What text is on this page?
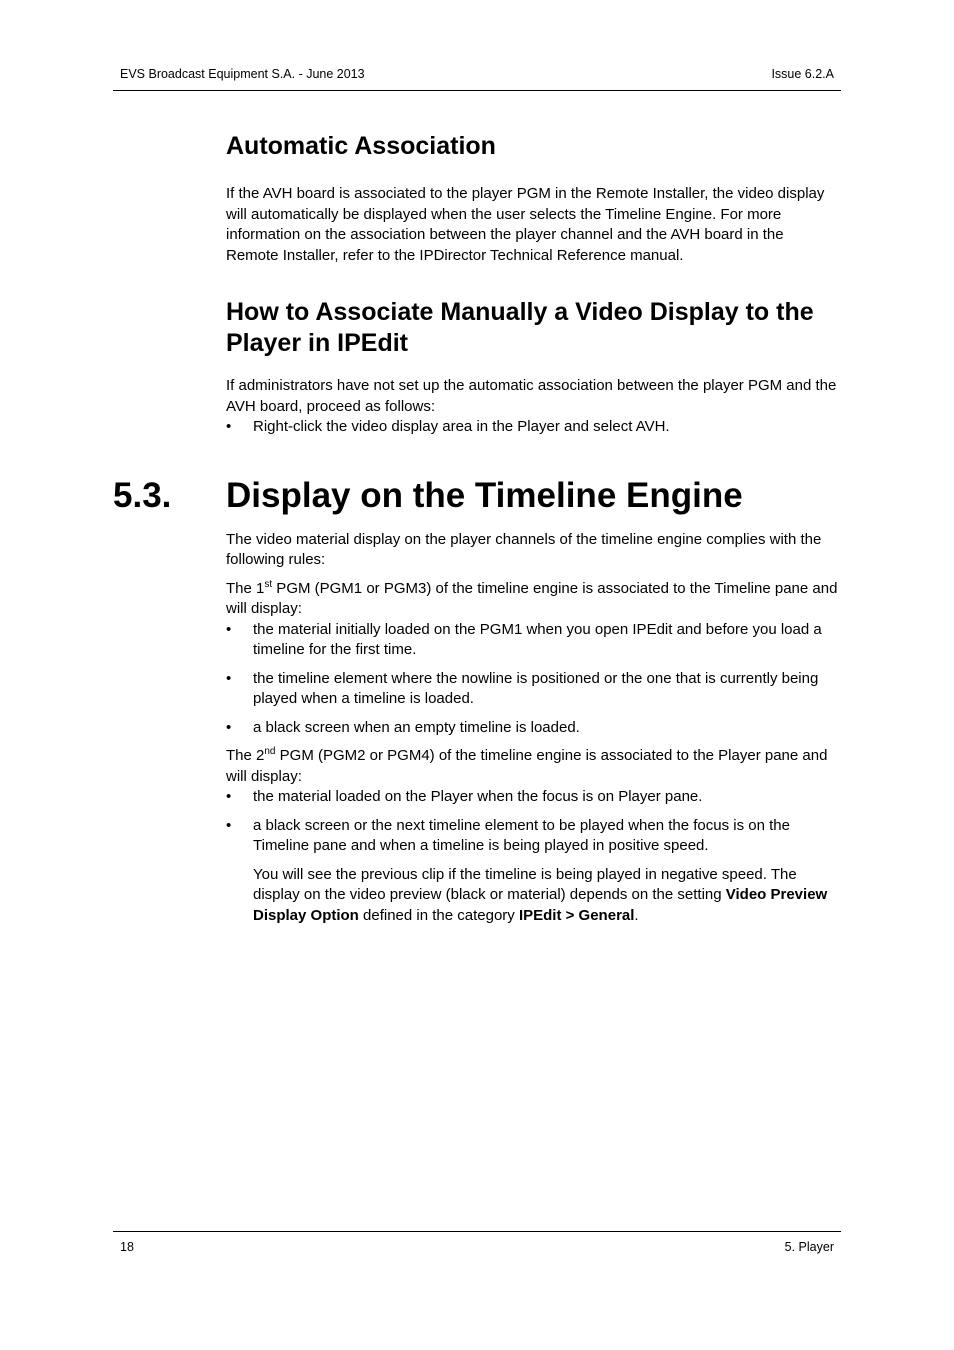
EVS Broadcast Equipment S.A. - June 2013	Issue 6.2.A
Automatic Association

If the AVH board is associated to the player PGM in the Remote Installer, the video display will automatically be displayed when the user selects the Timeline Engine. For more information on the association between the player channel and the AVH board in the Remote Installer, refer to the IPDirector Technical Reference manual.

How to Associate Manually a Video Display to the Player in IPEdit

If administrators have not set up the automatic association between the player PGM and the AVH board, proceed as follows:

• Right-click the video display area in the Player and select AVH.
5.3. Display on the Timeline Engine

The video material display on the player channels of the timeline engine complies with the following rules:

The 1st PGM (PGM1 or PGM3) of the timeline engine is associated to the Timeline pane and will display:

• the material initially loaded on the PGM1 when you open IPEdit and before you load a timeline for the first time.
• the timeline element where the nowline is positioned or the one that is currently being played when a timeline is loaded.
• a black screen when an empty timeline is loaded.

The 2nd PGM (PGM2 or PGM4) of the timeline engine is associated to the Player pane and will display:

• the material loaded on the Player when the focus is on Player pane.
• a black screen or the next timeline element to be played when the focus is on the Timeline pane and when a timeline is being played in positive speed.

You will see the previous clip if the timeline is being played in negative speed. The display on the video preview (black or material) depends on the setting Video Preview Display Option defined in the category IPEdit > General.

18	5. Player
